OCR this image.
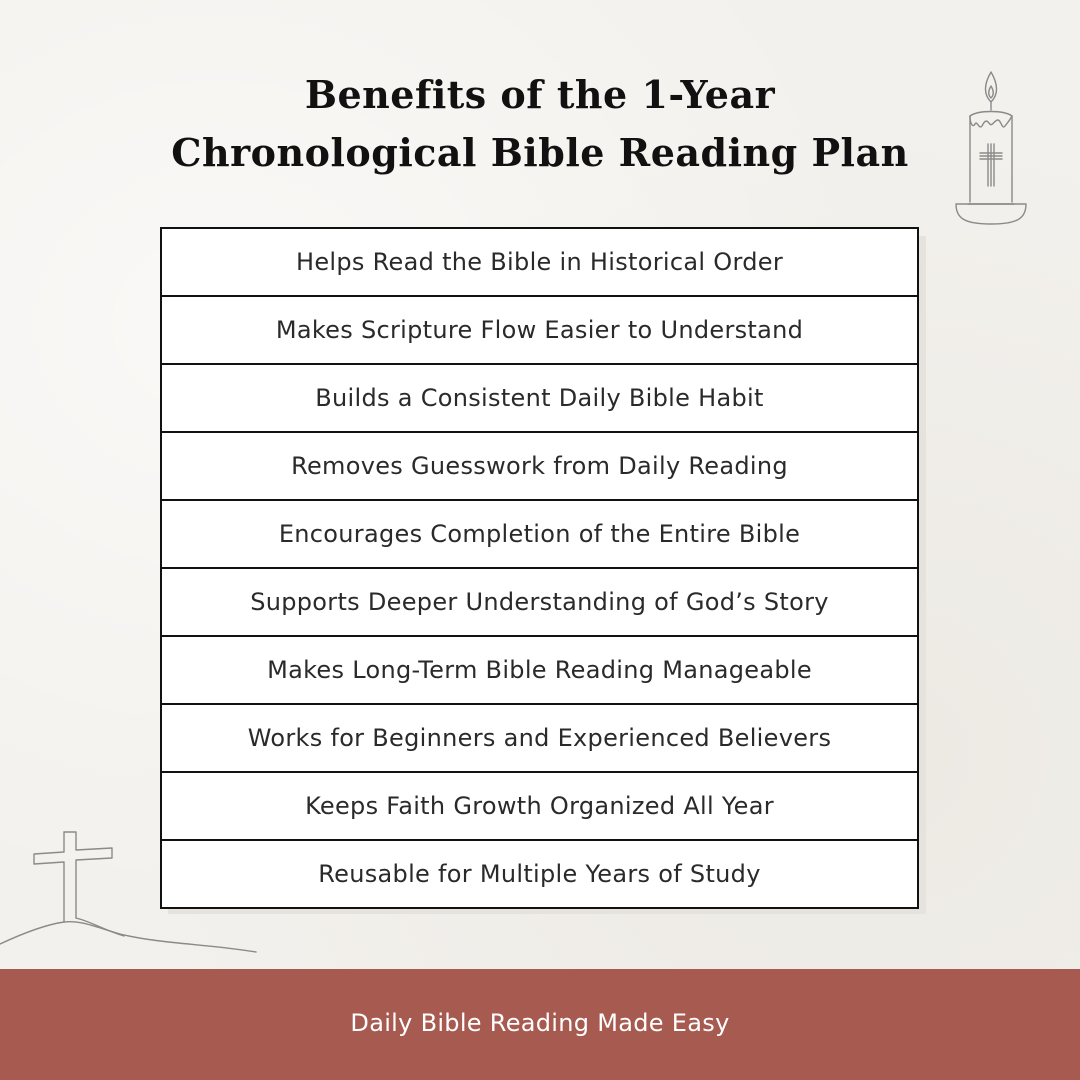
Benefits of the 1-Year
Chronological Bible Reading Plan
Helps Read the Bible in Historical Order
Makes Scripture Flow Easier to Understand
Builds a Consistent Daily Bible Habit
Removes Guesswork from Daily Reading
Encourages Completion of the Entire Bible
Supports Deeper Understanding of God’s Story
Makes Long-Term Bible Reading Manageable
Works for Beginners and Experienced Believers
Keeps Faith Growth Organized All Year
Reusable for Multiple Years of Study
Daily Bible Reading Made Easy
